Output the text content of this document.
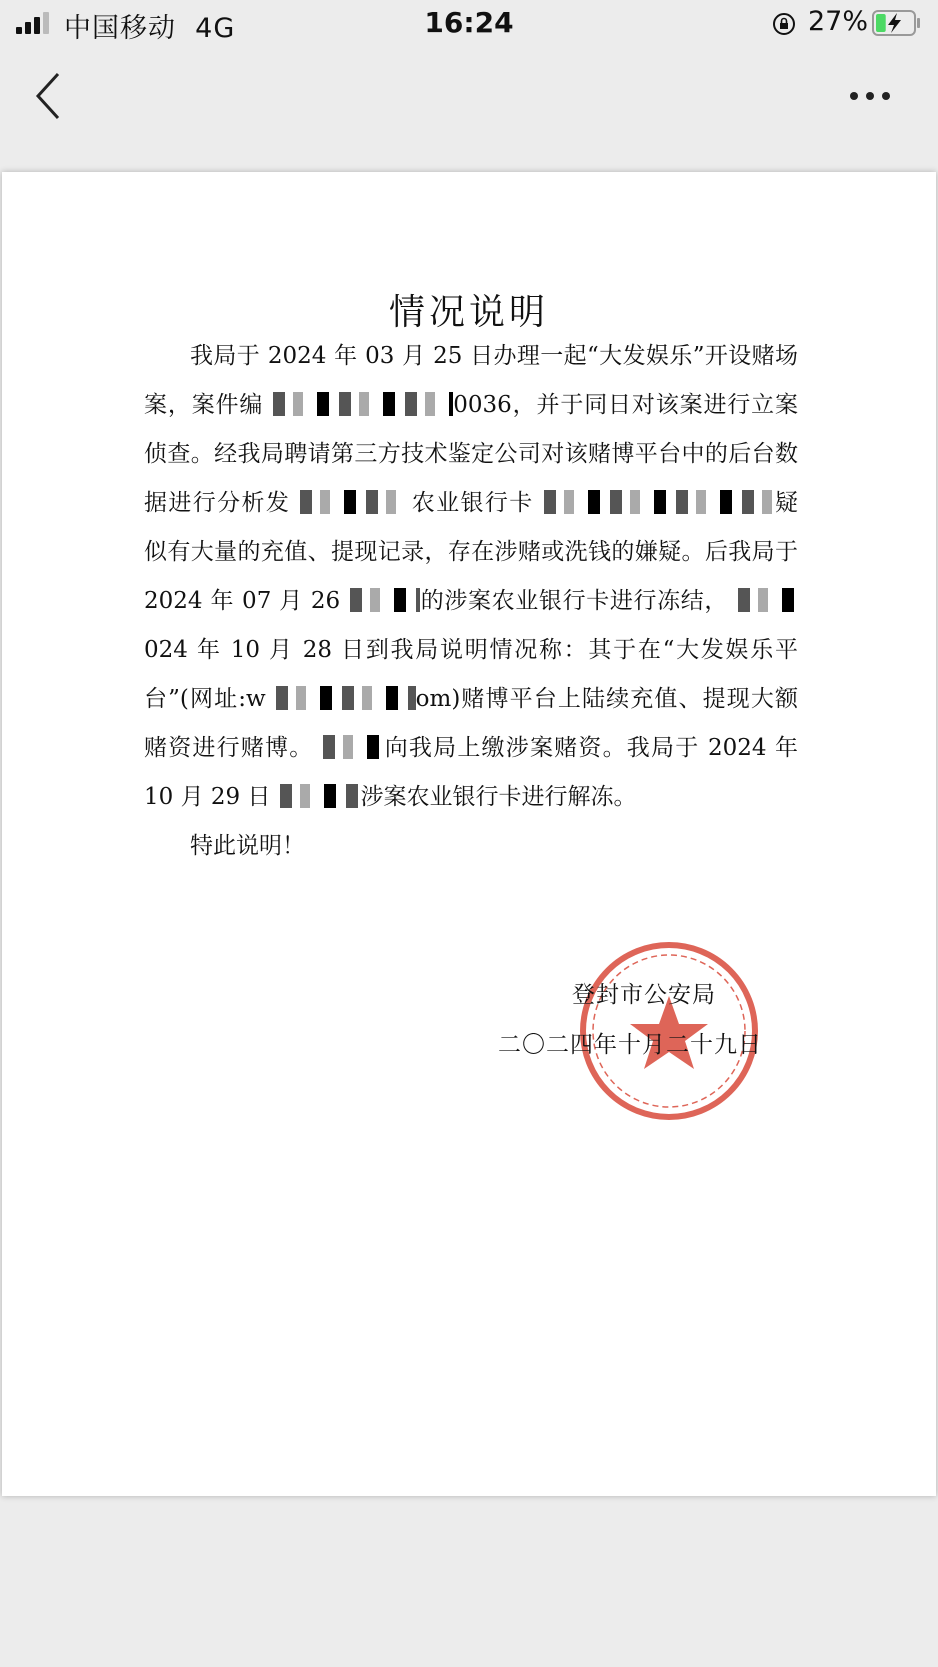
中国移动 4G	16:24	27%
情况说明

我局于 2024 年 03 月 25 日办理一起“大发娱乐”开设赌场案，案件编	0036，并于同日对该案进行立案侦查。经我局聘请第三方技术鉴定公司对该赌博平台中的后台数据进行分析发	农业银行卡	疑似有大量的充值、提现记录，存在涉赌或洗钱的嫌疑。后我局于 2024 年 07 月 26	的涉案农业银行卡进行冻结，024 年 10 月 28 日到我局说明情况称：其于在“大发娱乐平台”(网址:w	om)赌博平台上陆续充值、提现大额赌资进行赌博。	向我局上缴涉案赌资。我局于 2024 年 10 月 29 日	涉案农业银行卡进行解冻。

特此说明！

登封市公安局
二〇二四年十月二十九日
